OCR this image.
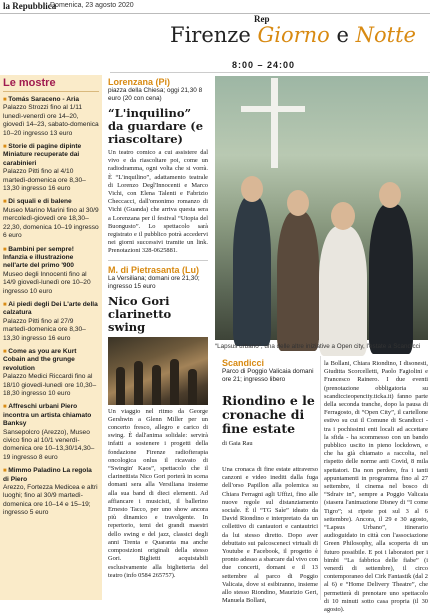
la Repubblica
Domenica, 23 agosto 2020
Rep
Firenze Giorno e Notte
8:00 – 24:00
Le mostre
■ Tomás Saraceno - Aria
Palazzo Strozzi fino al 1/11 lunedì-venerdì ore 14–20, giovedì 14–23, sabato-domenica 10–20 ingresso 13 euro
■ Storie di pagine dipinte Miniature recuperate dai carabinieri
Palazzo Pitti fino al 4/10 martedì-domenica ore 8,30–13,30 ingresso 16 euro
■ Di squali e di balene
Museo Marino Marini fino al 30/9 mercoledì-giovedì ore 18,30–22,30, domenica 10–19 ingresso 6 euro
■ Bambini per sempre! Infanzia e illustrazione nell'arte del primo '900
Museo degli Innocenti fino al 14/9 giovedì-lunedì ore 10–20 ingresso 10 euro
■ Ai piedi degli Dei L'arte della calzatura
Palazzo Pitti fino al 27/9 martedì-domenica ore 8,30–13,30 ingresso 16 euro
■ Come as you are Kurt Cobain and the grunge revolution
Palazzo Medici Riccardi fino al 18/10 giovedì-lunedì ore 10,30–18,30 ingresso 10 euro
■ Affreschi urbani Piero incontra un artista chiamato Banksy
Sansepolcro (Arezzo), Museo civico fino al 10/1 venerdì-domenica ore 10–13,30/14,30–19 ingresso 8 euro
■ Mimmo Paladino La regola di Piero
Arezzo, Fortezza Medicea e altri luoghi; fino al 30/9 martedì-domenica ore 10–14 e 15–19; ingresso 5 euro
Lorenzana (Pi)
piazza della Chiesa; oggi 21,30 8 euro (20 con cena)
“L'inquilino” da guardare (e riascoltare)
Un teatro comico a cui assistere dal vivo e da riascoltare poi, come un radiodramma, ogni volta che si vorrà. È “L'inquilino”, adattamento teatrale di Lorenzo Degl'Innocenti e Marco Vichi, con Elena Talenti e Fabrizio Checcacci, dall'omonimo romanzo di Vichi (Guanda) che arriva questa sera a Lorenzana per il festival “Utopia del Buongusto”. Lo spettacolo sarà registrato e il pubblico potrà accedervi nei giorni successivi tramite un link. Prenotazioni 328-0625881.
M. di Pietrasanta (Lu)
La Versiliana; domani ore 21,30; ingresso 15 euro
Nico Gori clarinetto swing
Un viaggio nel ritmo da George Gershwin a Glenn Miller per un concerto fresco, allegro e carico di swing. È dall'anima solidale: servirà infatti a sostenere i progetti della fondazione Firenze radiofterapia oncologica onlus il ricavato di “Swingin' Kaos”, spettacolo che il clarinettista Nico Gori porterà in scena domani sera alla Versiliana insieme alla sua band di dieci elementi. Ad affiancare i musicisti, il ballerino Ernesto Tacco, per uno show ancora più dinamico e travolgente. In repertorio, temi dei grandi maestri dello swing e del jazz, classici degli anni Trenta e Quaranta ma anche composizioni originali della stesso Gori. Biglietti acquistabili esclusivamente alla biglietteria del teatro (info 0584 265757).
“Lapsus urbano”, una delle altre iniziative a Open city, l'estate a Scandicci
Scandicci
Parco di Poggio Valicaia domani ore 21; ingresso libero
Riondino e le cronache di fine estate
di Gaia Rau
Una cronaca di fine estate attraverso canzoni e video inediti dalla fuga dell'orso Papillon alla polemica su Chiara Ferragni agli Uffizi, fino alle nuove regole sul distanziamento sociale. È il “TG Saìe” ideato da David Riondino e interpretato da un collettivo di cantautori e cantautrici da lui stesso diretto. Dopo aver debuttato sui palcosceneci virtuali di Youtube e Facebook, il progetto è pronto adesso a sbarcare dal vivo con due concerti, domani e il 13 settembre al parco di Poggio Valicaia, dove si esibiranno, insieme allo stesso Riondino, Maurizio Geri, Manuela Bollani,
la Bollani, Chiara Riondino, I disonesti, Giuditta Scorcelletti, Paolo Fagiolini e Francesco Rainero. I due eventi (prenotazione obbligatoria su scandiccieopencity.ticka.it) fanno parte della seconda tranche, dopo la pausa di Ferragosto, di “Open City”, il cartellone estivo su cui il Comune di Scandicci - tra i pochissimi enti locali ad accettare la sfida - ha scommesso con un bando pubblico uscito in pieno lockdown, e che ha già chiamato a raccolta, nel rispetto delle norme anti Covid, 8 mila spettatori. Da non perdere, fra i tanti appuntamenti in programma fino al 27 settembre, il cinema nel bosco di “Sdraiv in”, sempre a Poggio Valicaia (stasera l'animazione Disney di “I come Tigro”; si ripete poi sul 3 al 6 settembre). Ancora, il 29 e 30 agosto, “Lapsus Urbano”, itinerario audioguidato in città con l'associazione Green Philosophy, alla scoperta di un futuro possibile. E poi i laboratori per i bimbi “La fabbrica delle fiabe” (i venerdì di settembre), il circo contemporaneo del Cirk Fantastik (dal 2 al 6) e “Home Delivery Theatre”, che permetterà di prenotare uno spettacolo di 10 minuti sotto casa propria (il 30 agosto).
